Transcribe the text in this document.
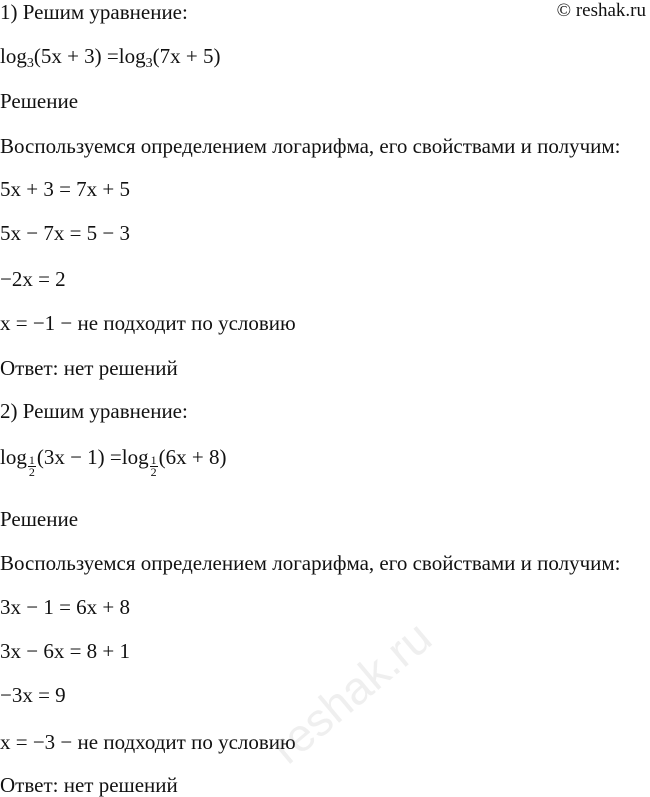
© reshak.ru
1) Решим уравнение:
$\log_3(5x + 3) =\log_3(7x + 5)$
Решение
Воспользуемся определением логарифма, его свойствами и получим:
5x + 3 = 7x + 5
5x − 7x = 5 − 3
−2x = 2
x = −1 − не подходит по условию
Ответ: нет решений
2) Решим уравнение:
$\log \frac{1}{2} (3x - 1) =\log \frac{1}{2} (6x + 8)$
Решение
Воспользуемся определением логарифма, его свойствами и получим:
3x − 1 = 6x + 8
3x − 6x = 8 + 1
−3x = 9
x = −3 − не подходит по условию
Ответ: нет решений
reshak.ru
